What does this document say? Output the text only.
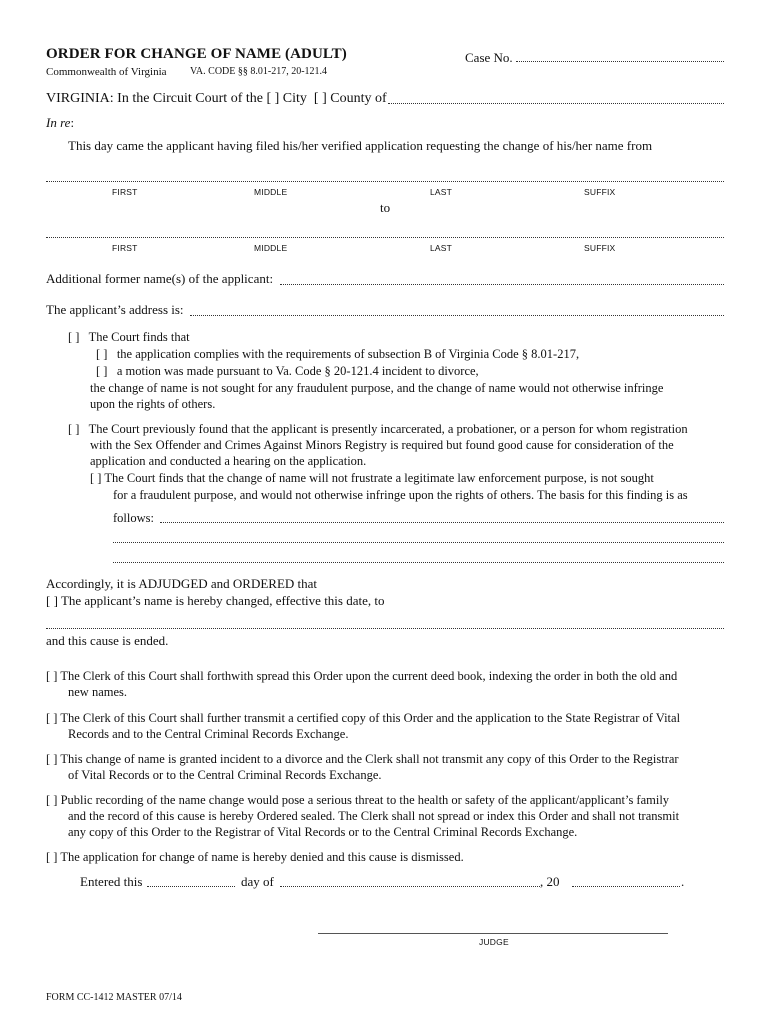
ORDER FOR CHANGE OF NAME (ADULT)
Commonwealth of Virginia VA. CODE §§ 8.01-217, 20-121.4
Case No.
VIRGINIA: In the Circuit Court of the [ ] City [ ] County of
In re:
This day came the applicant having filed his/her verified application requesting the change of his/her name from
FIRST	MIDDLE	LAST	SUFFIX
to
FIRST	MIDDLE	LAST	SUFFIX
Additional former name(s) of the applicant:
The applicant’s address is:
[ ] The Court finds that
[ ] the application complies with the requirements of subsection B of Virginia Code § 8.01-217,
[ ] a motion was made pursuant to Va. Code § 20-121.4 incident to divorce,
the change of name is not sought for any fraudulent purpose, and the change of name would not otherwise infringe
upon the rights of others.
[ ] The Court previously found that the applicant is presently incarcerated, a probationer, or a person for whom registration
with the Sex Offender and Crimes Against Minors Registry is required but found good cause for consideration of the
application and conducted a hearing on the application.
[ ] The Court finds that the change of name will not frustrate a legitimate law enforcement purpose, is not sought
for a fraudulent purpose, and would not otherwise infringe upon the rights of others. The basis for this finding is as
follows:
Accordingly, it is ADJUDGED and ORDERED that
[ ] The applicant’s name is hereby changed, effective this date, to
and this cause is ended.
[ ] The Clerk of this Court shall forthwith spread this Order upon the current deed book, indexing the order in both the old and
new names.
[ ] The Clerk of this Court shall further transmit a certified copy of this Order and the application to the State Registrar of Vital
Records and to the Central Criminal Records Exchange.
[ ] This change of name is granted incident to a divorce and the Clerk shall not transmit any copy of this Order to the Registrar
of Vital Records or to the Central Criminal Records Exchange.
[ ] Public recording of the name change would pose a serious threat to the health or safety of the applicant/applicant’s family
and the record of this cause is hereby Ordered sealed. The Clerk shall not spread or index this Order and shall not transmit
any copy of this Order to the Registrar of Vital Records or to the Central Criminal Records Exchange.
[ ] The application for change of name is hereby denied and this cause is dismissed.
Entered this	day of	, 20	.
JUDGE
FORM CC-1412 MASTER 07/14
